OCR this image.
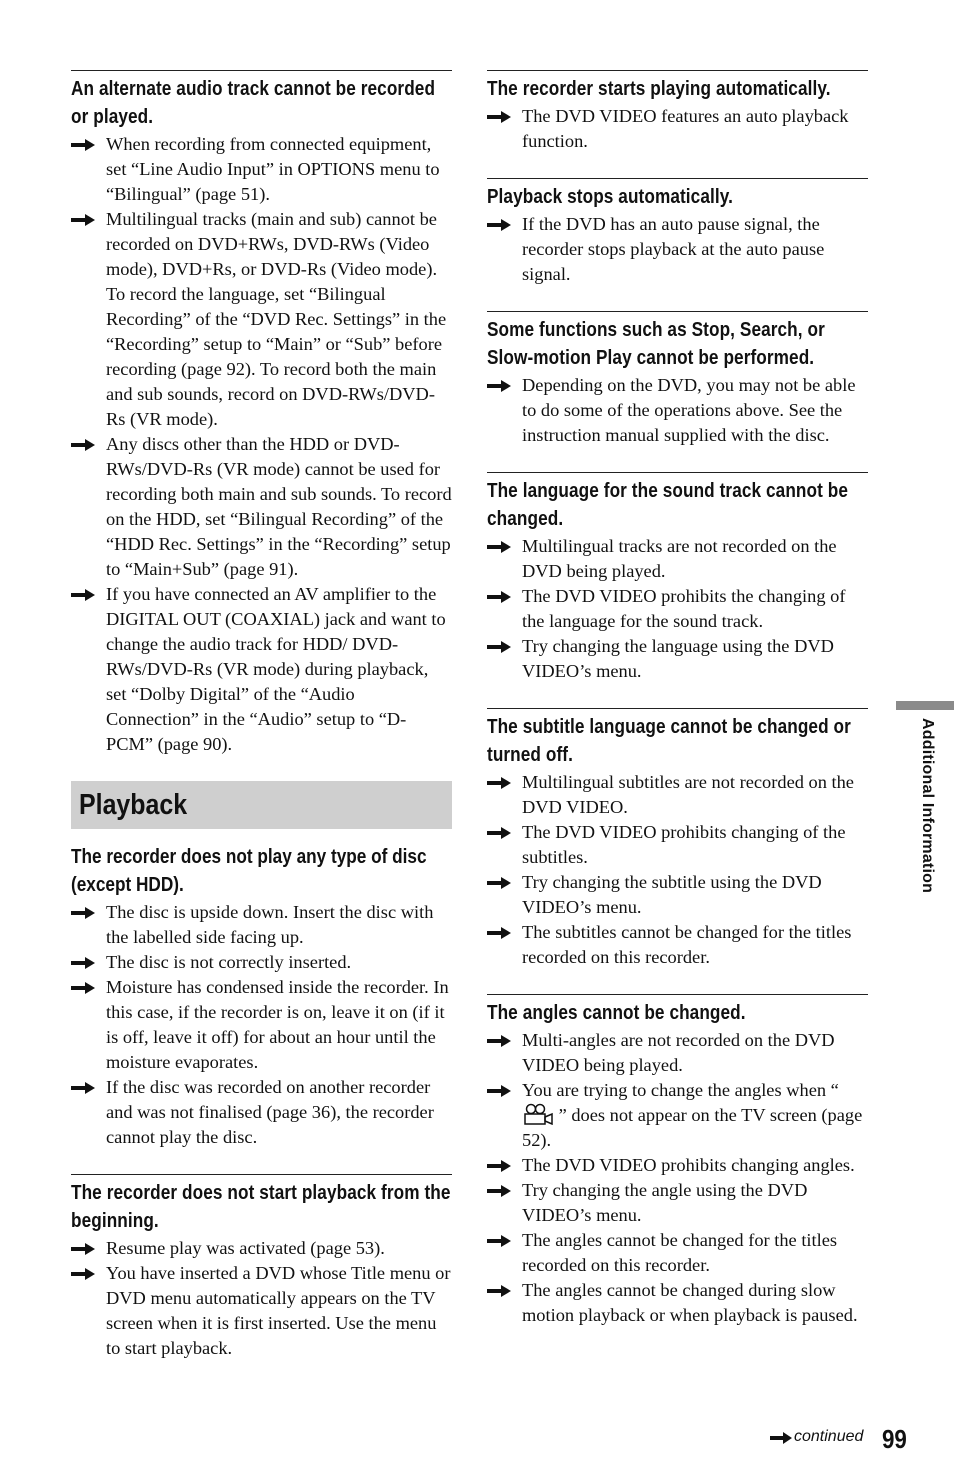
An alternate audio track cannot be recorded or played.
When recording from connected equipment, set “Line Audio Input” in OPTIONS menu to “Bilingual” (page 51).
Multilingual tracks (main and sub) cannot be recorded on DVD+RWs, DVD-RWs (Video mode), DVD+Rs, or DVD-Rs (Video mode). To record the language, set “Bilingual Recording” of the “DVD Rec. Settings” in the “Recording” setup to “Main” or “Sub” before recording (page 92). To record both the main and sub sounds, record on DVD-RWs/DVD-Rs (VR mode).
Any discs other than the HDD or DVD-RWs/DVD-Rs (VR mode) cannot be used for recording both main and sub sounds. To record on the HDD, set “Bilingual Recording” of the “HDD Rec. Settings” in the “Recording” setup to “Main+Sub” (page 91).
If you have connected an AV amplifier to the DIGITAL OUT (COAXIAL) jack and want to change the audio track for HDD/ DVD-RWs/DVD-Rs (VR mode) during playback, set “Dolby Digital” of the “Audio Connection” in the “Audio” setup to “D-PCM” (page 90).
Playback
The recorder does not play any type of disc (except HDD).
The disc is upside down. Insert the disc with the labelled side facing up.
The disc is not correctly inserted.
Moisture has condensed inside the recorder. In this case, if the recorder is on, leave it on (if it is off, leave it off) for about an hour until the moisture evaporates.
If the disc was recorded on another recorder and was not finalised (page 36), the recorder cannot play the disc.
The recorder does not start playback from the beginning.
Resume play was activated (page 53).
You have inserted a DVD whose Title menu or DVD menu automatically appears on the TV screen when it is first inserted. Use the menu to start playback.
The recorder starts playing automatically.
The DVD VIDEO features an auto playback function.
Playback stops automatically.
If the DVD has an auto pause signal, the recorder stops playback at the auto pause signal.
Some functions such as Stop, Search, or Slow-motion Play cannot be performed.
Depending on the DVD, you may not be able to do some of the operations above. See the instruction manual supplied with the disc.
The language for the sound track cannot be changed.
Multilingual tracks are not recorded on the DVD being played.
The DVD VIDEO prohibits the changing of the language for the sound track.
Try changing the language using the DVD VIDEO’s menu.
The subtitle language cannot be changed or turned off.
Multilingual subtitles are not recorded on the DVD VIDEO.
The DVD VIDEO prohibits changing of the subtitles.
Try changing the subtitle using the DVD VIDEO’s menu.
The subtitles cannot be changed for the titles recorded on this recorder.
The angles cannot be changed.
Multi-angles are not recorded on the DVD VIDEO being played.
You are trying to change the angles when “ ” does not appear on the TV screen (page 52).
The DVD VIDEO prohibits changing angles.
Try changing the angle using the DVD VIDEO’s menu.
The angles cannot be changed for the titles recorded on this recorder.
The angles cannot be changed during slow motion playback or when playback is paused.
Additional Information
continued 99
